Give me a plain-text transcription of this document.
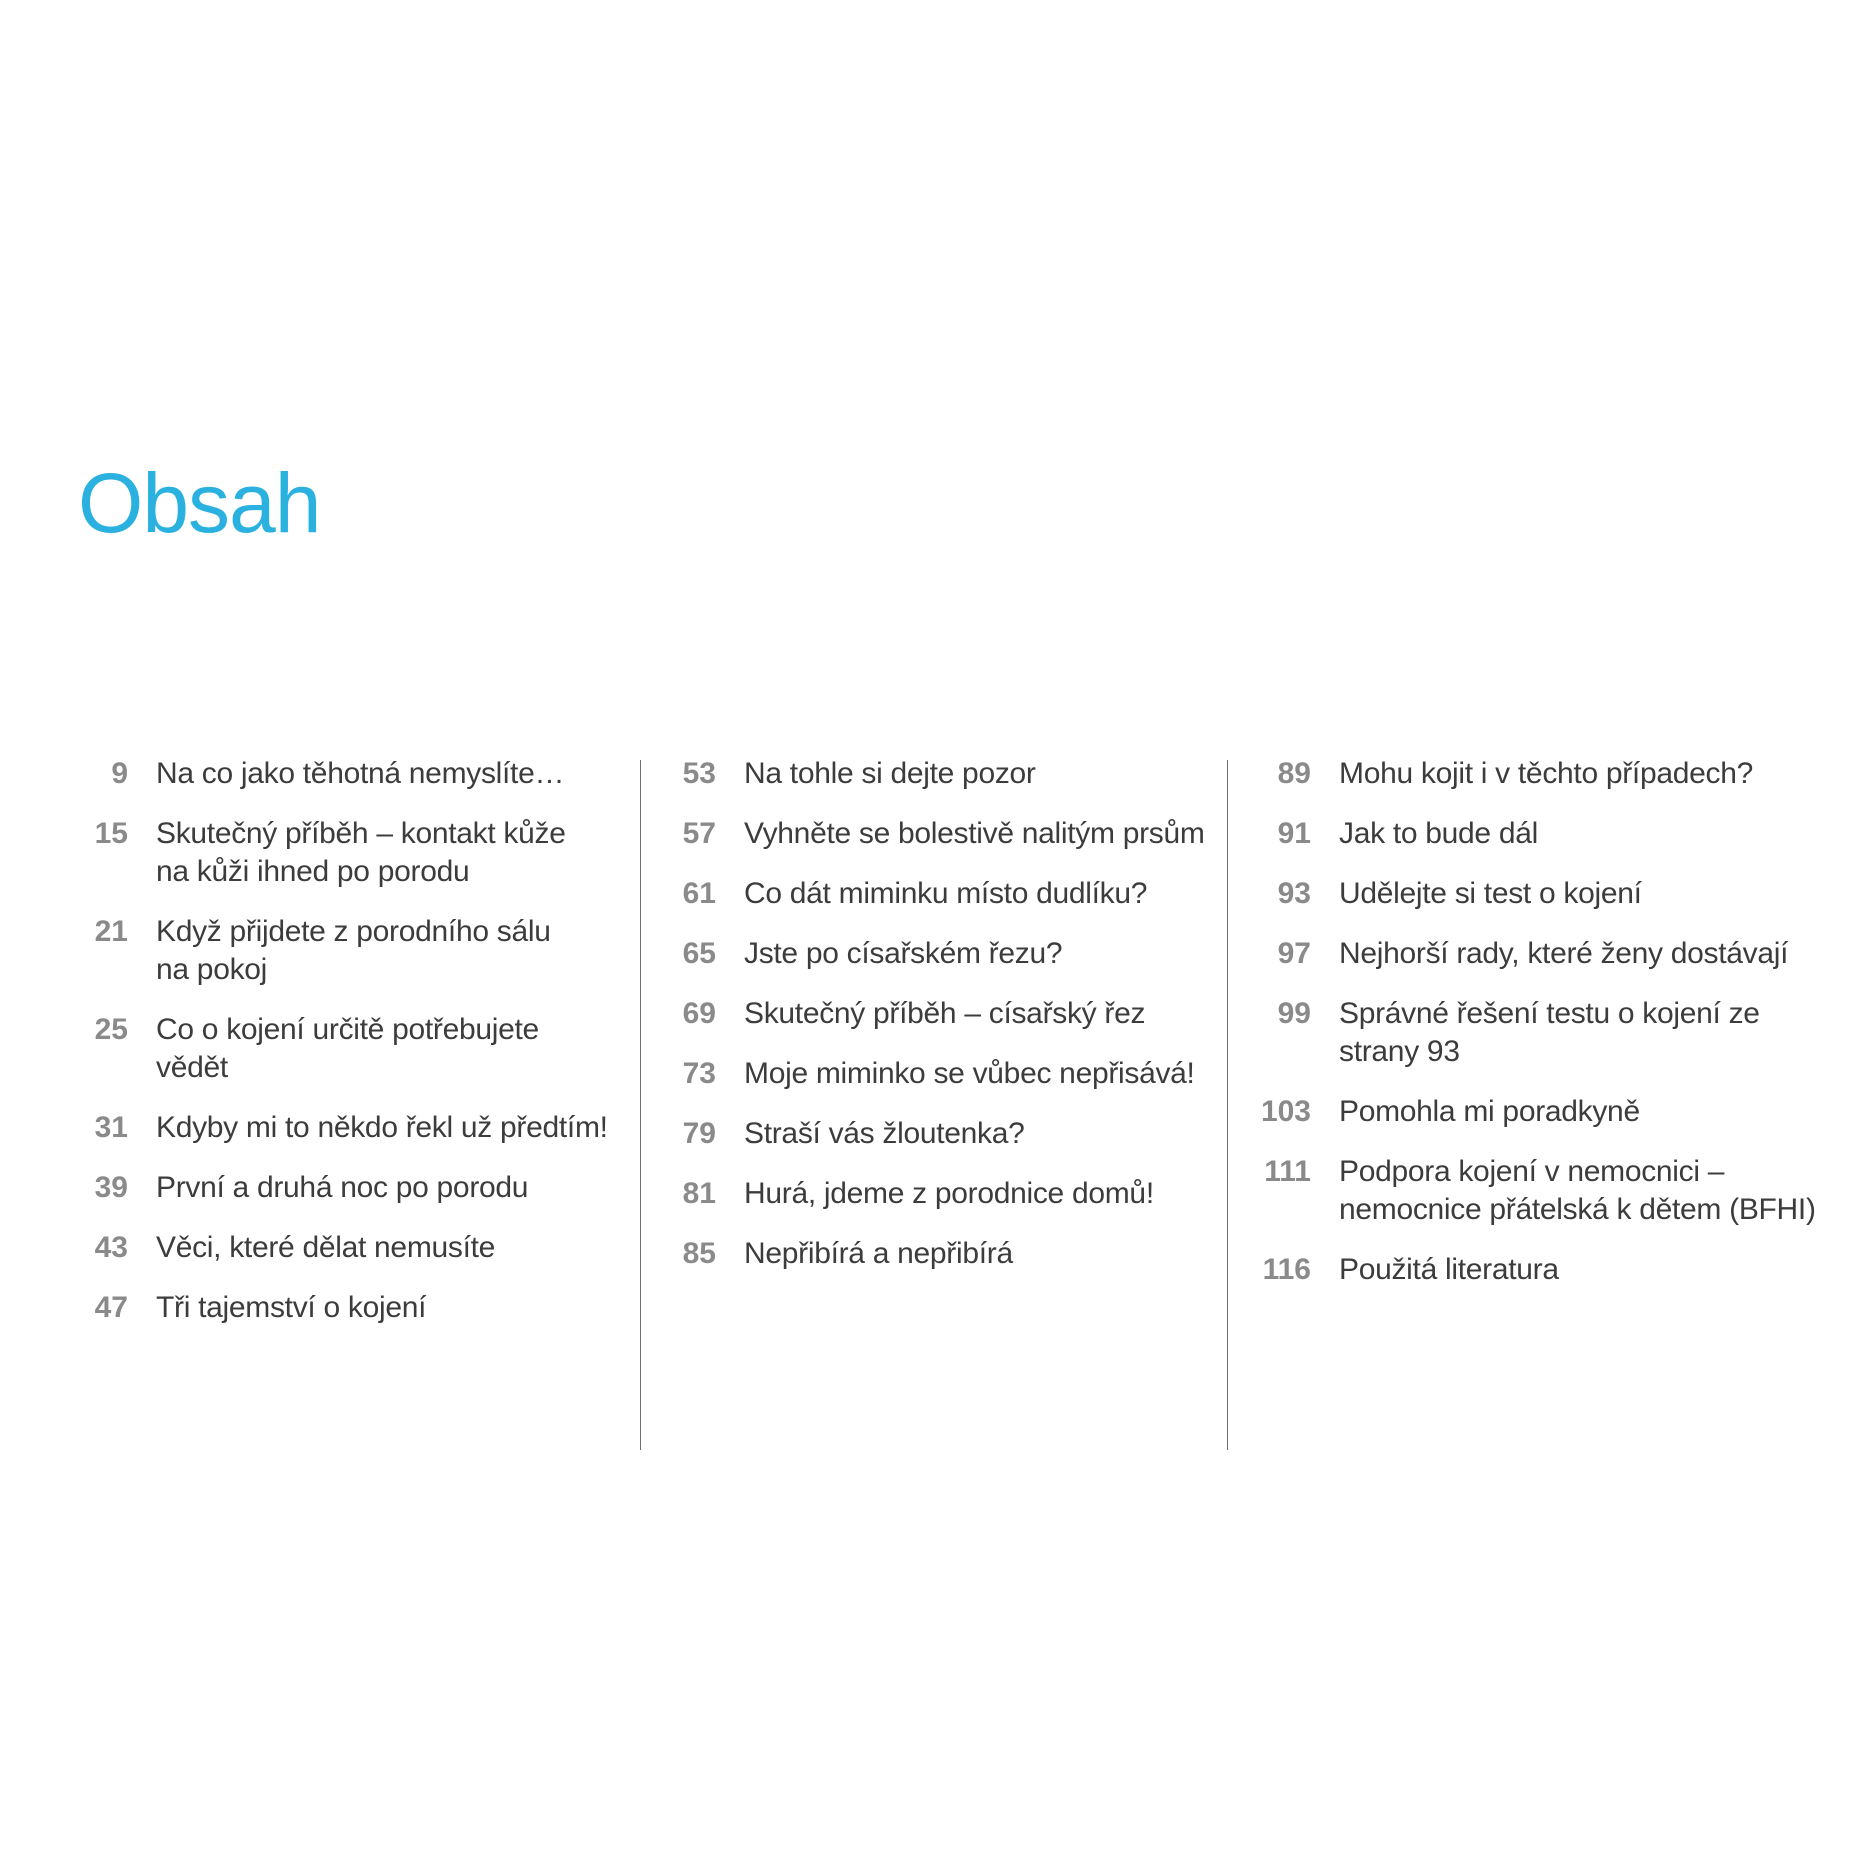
Obsah
9 Na co jako těhotná nemyslíte…
15 Skutečný příběh – kontakt kůže na kůži ihned po porodu
21 Když přijdete z porodního sálu na pokoj
25 Co o kojení určitě potřebujete vědět
31 Kdyby mi to někdo řekl už předtím!
39 První a druhá noc po porodu
43 Věci, které dělat nemusíte
47 Tři tajemství o kojení
53 Na tohle si dejte pozor
57 Vyhněte se bolestivě nalitým prsům
61 Co dát miminku místo dudlíku?
65 Jste po císařském řezu?
69 Skutečný příběh – císařský řez
73 Moje miminko se vůbec nepřisává!
79 Straší vás žloutenka?
81 Hurá, jdeme z porodnice domů!
85 Nepřibírá a nepřibírá
89 Mohu kojit i v těchto případech?
91 Jak to bude dál
93 Udělejte si test o kojení
97 Nejhorší rady, které ženy dostávají
99 Správné řešení testu o kojení ze strany 93
103 Pomohla mi poradkyně
111 Podpora kojení v nemocnici – nemocnice přátelská k dětem (BFHI)
116 Použitá literatura
